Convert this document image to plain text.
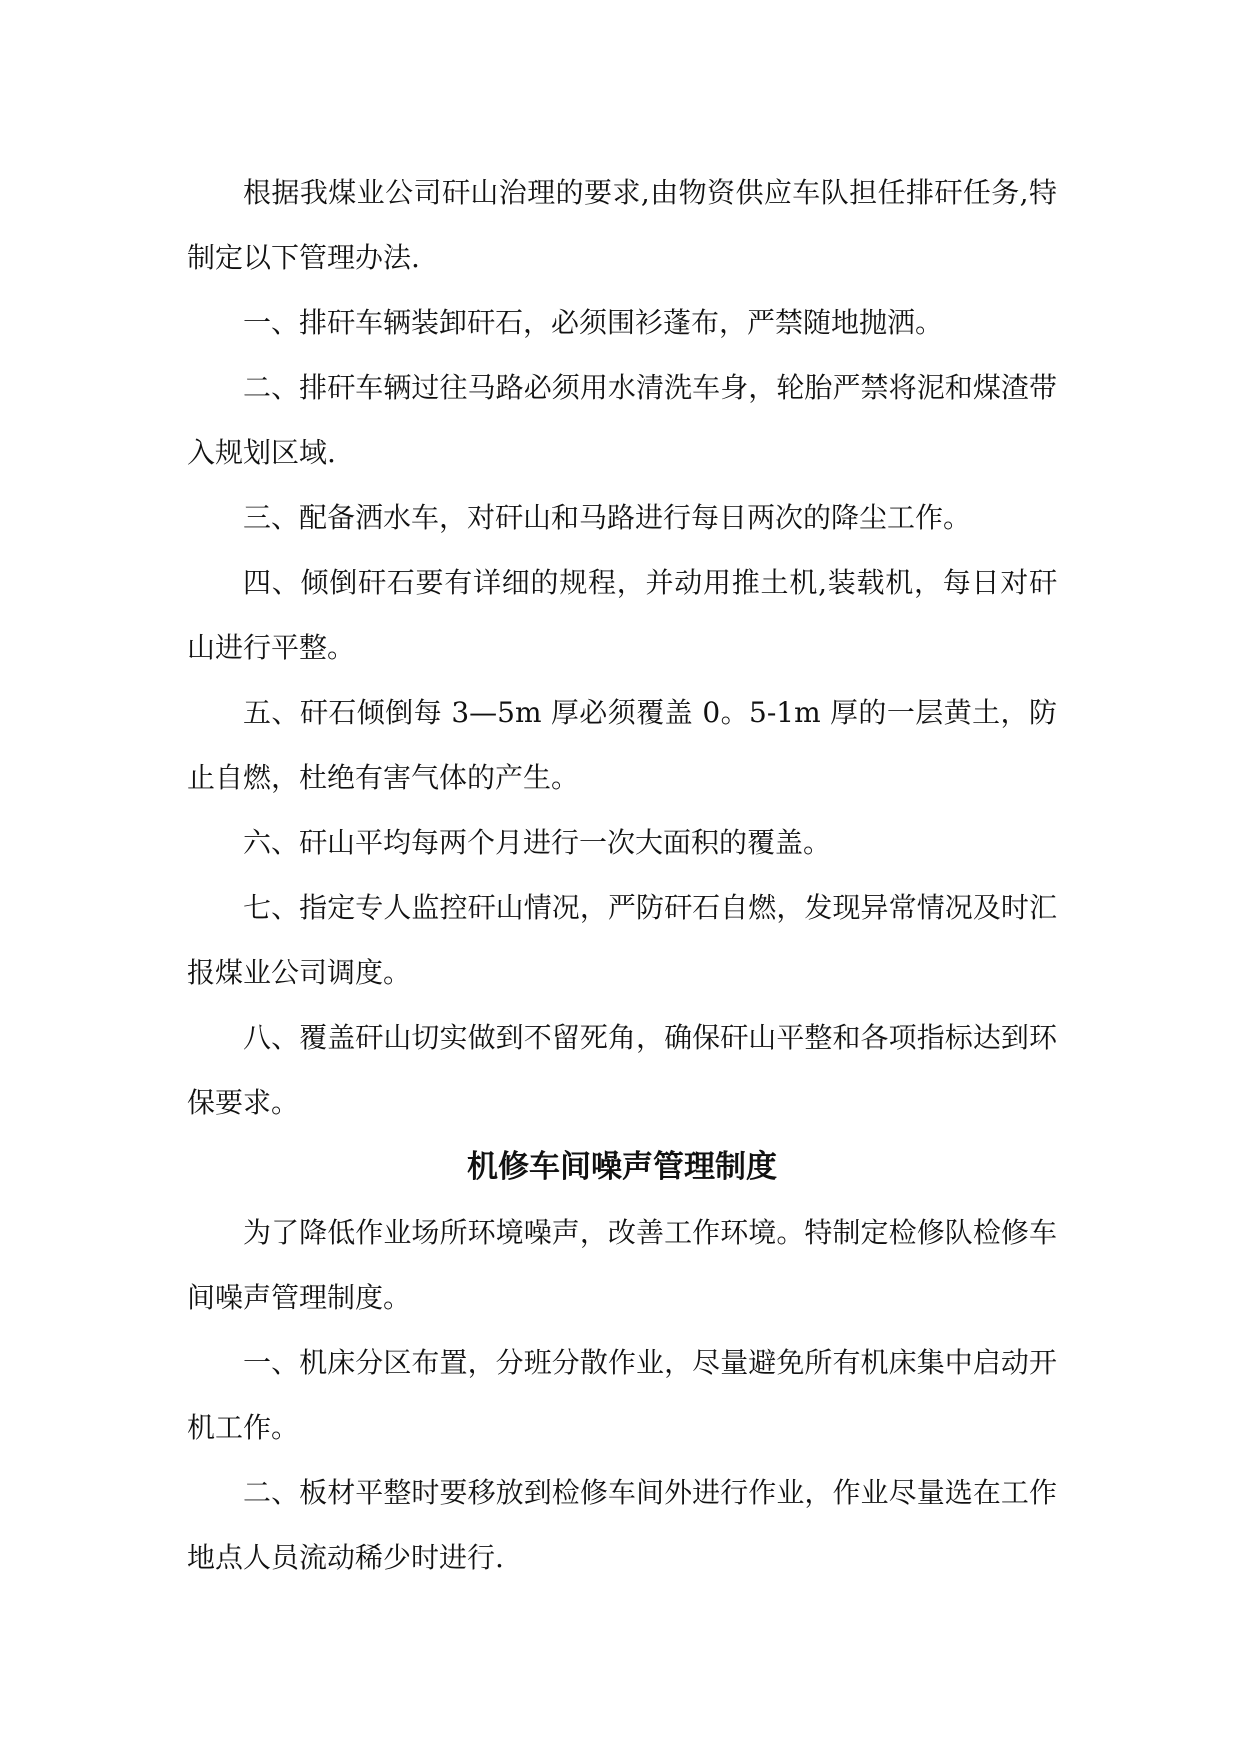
根据我煤业公司矸山治理的要求,由物资供应车队担任排矸任务,特制定以下管理办法.

一、排矸车辆装卸矸石，必须围衫蓬布，严禁随地抛洒。

二、排矸车辆过往马路必须用水清洗车身，轮胎严禁将泥和煤渣带入规划区域.

三、配备洒水车，对矸山和马路进行每日两次的降尘工作。

四、倾倒矸石要有详细的规程，并动用推土机,装载机，每日对矸山进行平整。

五、矸石倾倒每 3—5m 厚必须覆盖 0。5-1m 厚的一层黄土，防止自燃，杜绝有害气体的产生。

六、矸山平均每两个月进行一次大面积的覆盖。

七、指定专人监控矸山情况，严防矸石自燃，发现异常情况及时汇报煤业公司调度。

八、覆盖矸山切实做到不留死角，确保矸山平整和各项指标达到环保要求。

机修车间噪声管理制度

为了降低作业场所环境噪声，改善工作环境。特制定检修队检修车间噪声管理制度。

一、机床分区布置，分班分散作业，尽量避免所有机床集中启动开机工作。

二、板材平整时要移放到检修车间外进行作业，作业尽量选在工作地点人员流动稀少时进行.
